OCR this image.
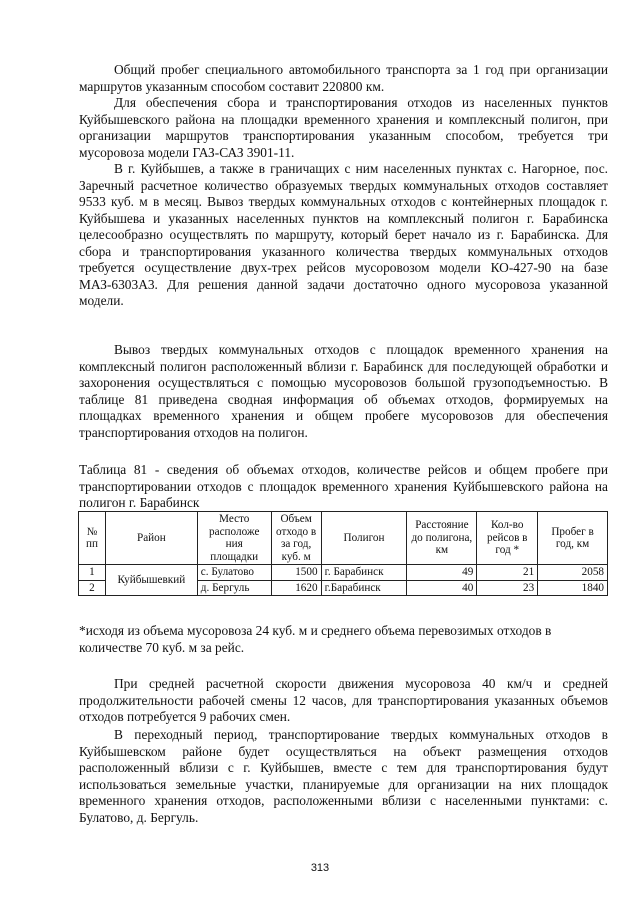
Общий пробег специального автомобильного транспорта за 1 год при организации маршрутов указанным способом составит 220800 км.

Для обеспечения сбора и транспортирования отходов из населенных пунктов Куйбышевского района на площадки временного хранения и комплексный полигон, при организации маршрутов транспортирования указанным способом, требуется три мусоровоза модели ГАЗ-САЗ 3901-11.

В г. Куйбышев, а также в граничащих с ним населенных пунктах с. Нагорное, пос. Заречный расчетное количество образуемых твердых коммунальных отходов составляет 9533 куб. м в месяц. Вывоз твердых коммунальных отходов с контейнерных площадок г. Куйбышева и указанных населенных пунктов на комплексный полигон г. Барабинска целесообразно осуществлять по маршруту, который берет начало из г. Барабинска. Для сбора и транспортирования указанного количества твердых коммунальных отходов требуется осуществление двух-трех рейсов мусоровозом модели КО-427-90 на базе МАЗ-6303А3. Для решения данной задачи достаточно одного мусоровоза указанной модели.

Вывоз твердых коммунальных отходов с площадок временного хранения на комплексный полигон расположенный вблизи г. Барабинск для последующей обработки и захоронения осуществляться с помощью мусоровозов большой грузоподъемностью. В таблице 81 приведена сводная информация об объемах отходов, формируемых на площадках временного хранения и общем пробеге мусоровозов для обеспечения транспортирования отходов на полигон.

Таблица 81 - сведения об объемах отходов, количестве рейсов и общем пробеге при транспортировании отходов с площадок временного хранения Куйбышевского района на полигон г. Барабинск

№ пп	Район	Место расположе ния площадки	Объем отходо в за год, куб. м	Полигон	Расстояние до полигона, км	Кол-во рейсов в год *	Пробег в год, км
1	Куйбышевкий	с. Булатово	1500	г. Барабинск	49	21	2058
2		д. Бергуль	1620	г.Барабинск	40	23	1840

*исходя из объема мусоровоза 24 куб. м и среднего объема перевозимых отходов в количестве 70 куб. м за рейс.

При средней расчетной скорости движения мусоровоза 40 км/ч и средней продолжительности рабочей смены 12 часов, для транспортирования указанных объемов отходов потребуется 9 рабочих смен.

В переходный период, транспортирование твердых коммунальных отходов в Куйбышевском районе будет осуществляться на объект размещения отходов расположенный вблизи с г. Куйбышев, вместе с тем для транспортирования будут использоваться земельные участки, планируемые для организации на них площадок временного хранения отходов, расположенными вблизи с населенными пунктами: с. Булатово, д. Бергуль.

313
